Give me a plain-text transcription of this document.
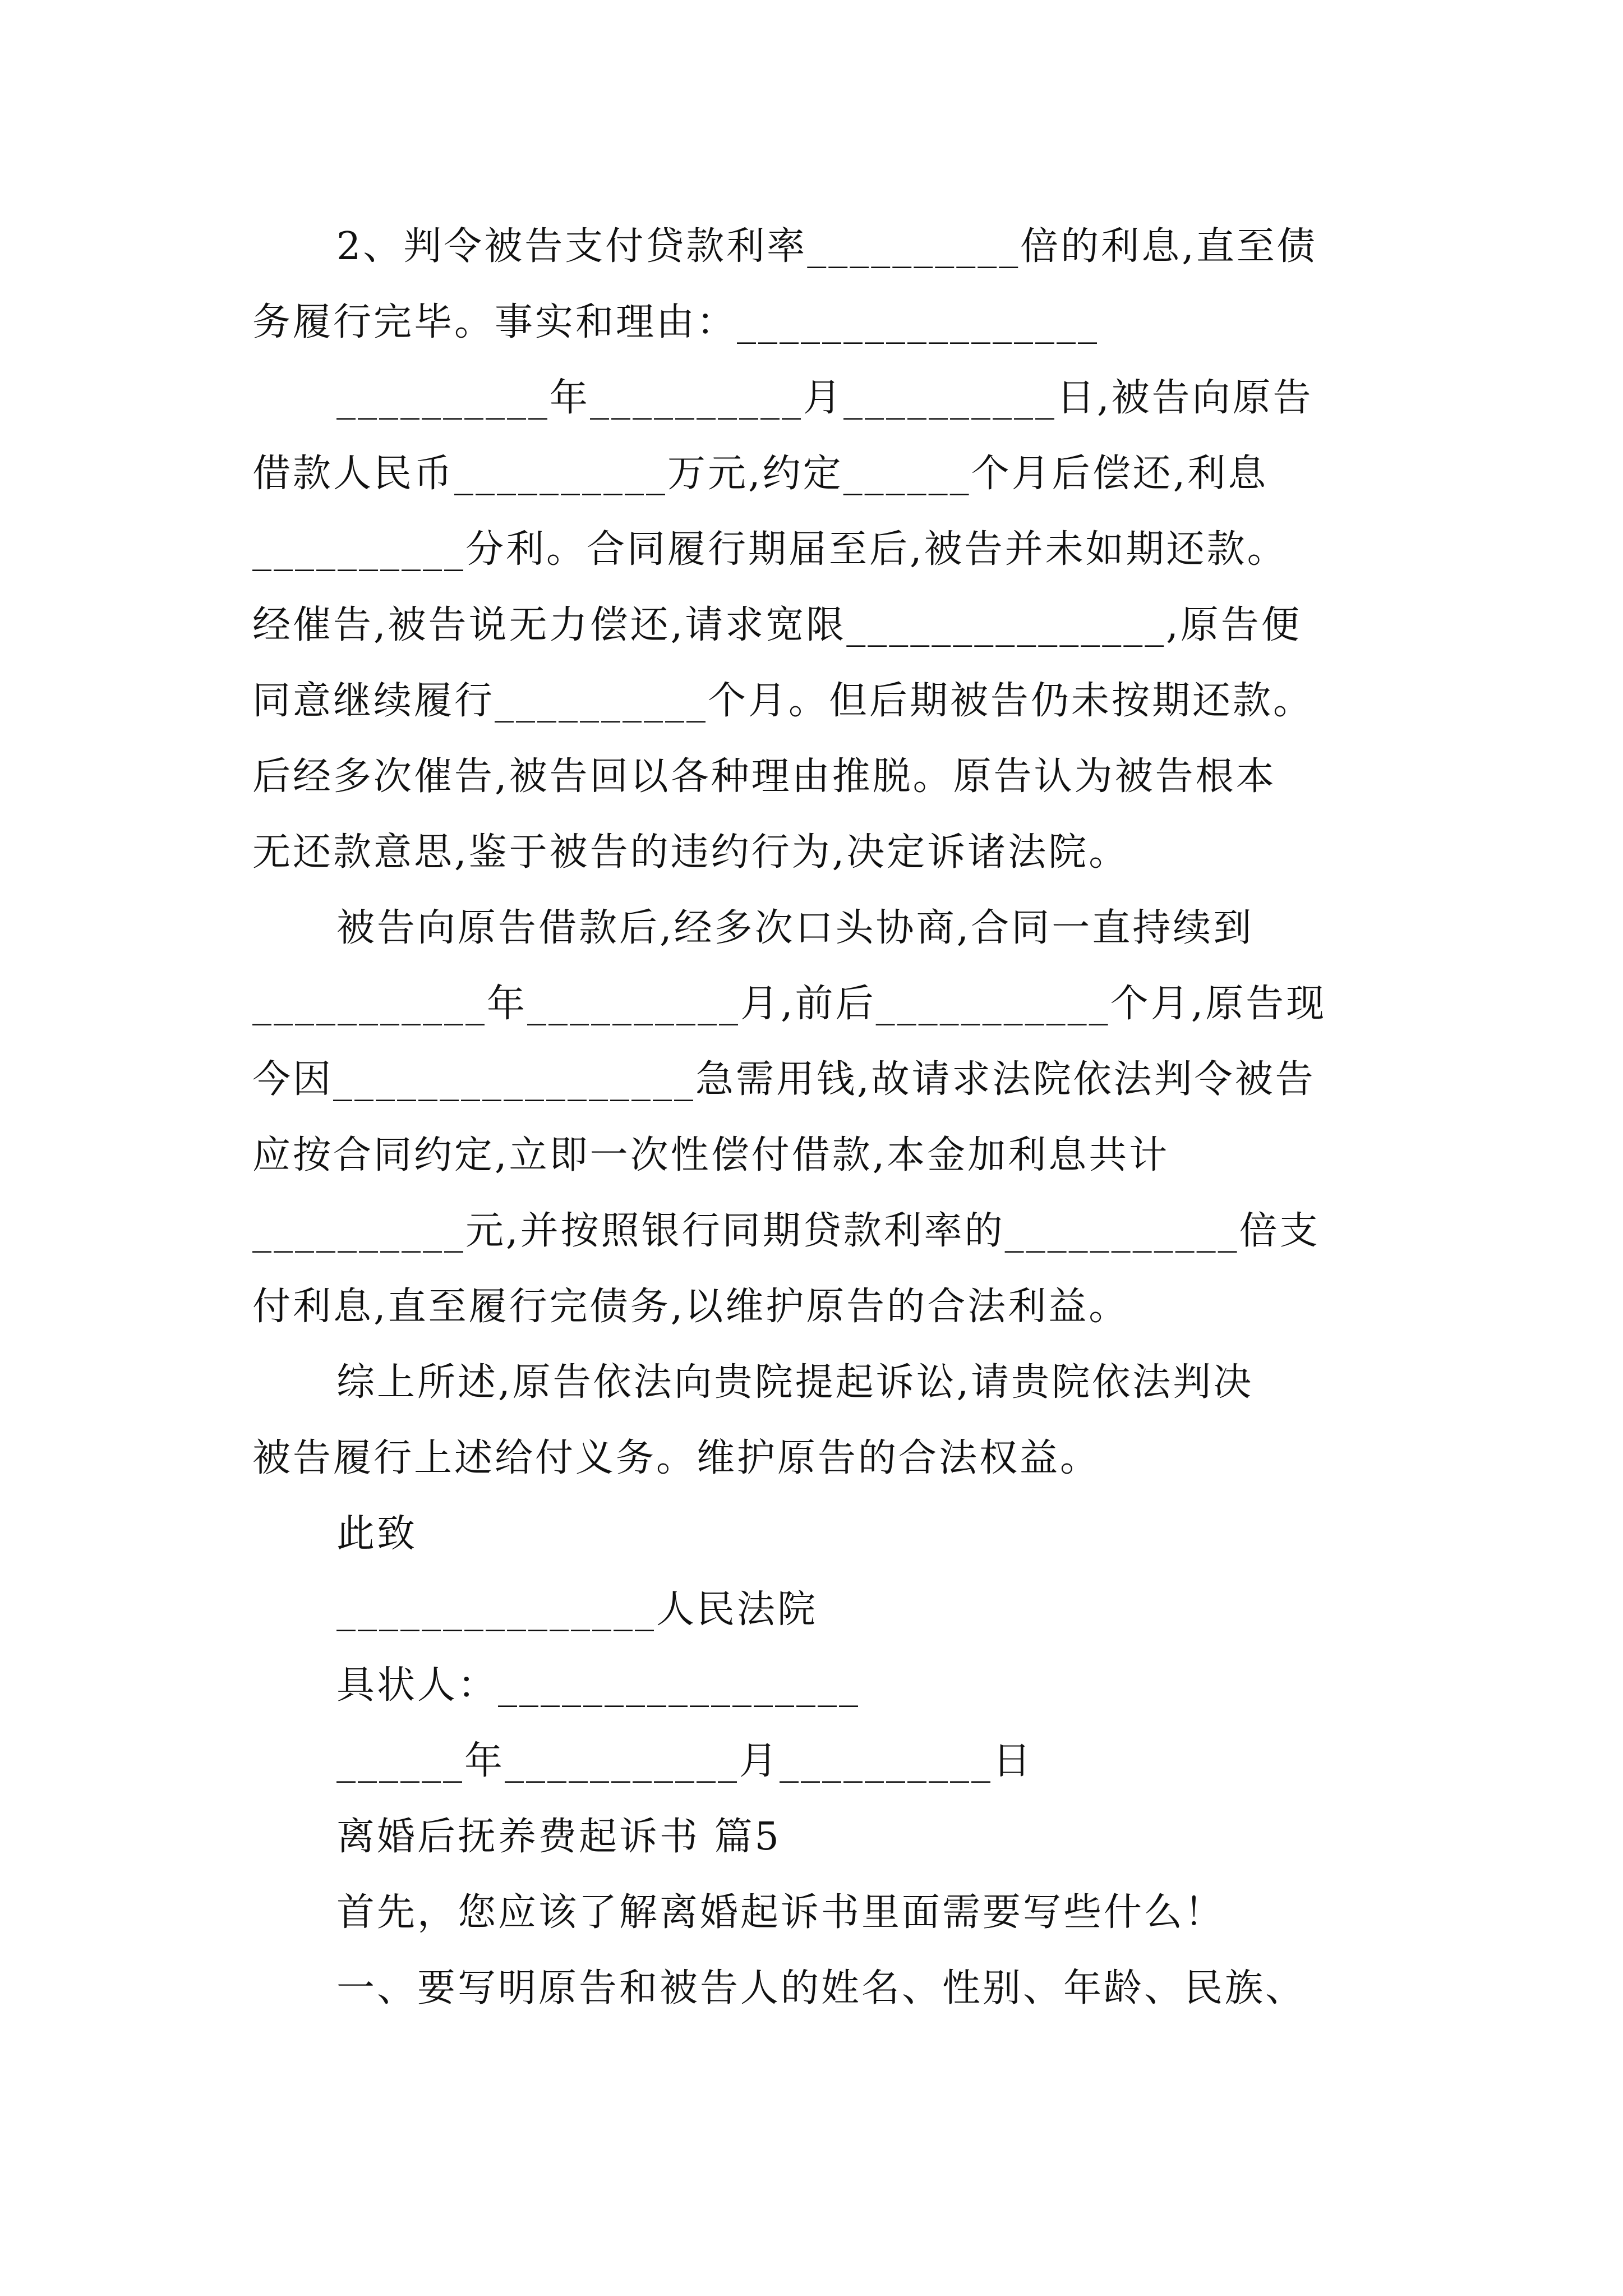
2、判令被告支付贷款利率__________倍的利息,直至债
务履行完毕。事实和理由：_________________
__________年__________月__________日,被告向原告
借款人民币__________万元,约定______个月后偿还,利息
__________分利。合同履行期届至后,被告并未如期还款。
经催告,被告说无力偿还,请求宽限_______________,原告便
同意继续履行__________个月。但后期被告仍未按期还款。
后经多次催告,被告回以各种理由推脱。原告认为被告根本
无还款意思,鉴于被告的违约行为,决定诉诸法院。
被告向原告借款后,经多次口头协商,合同一直持续到
___________年__________月,前后___________个月,原告现
今因_________________急需用钱,故请求法院依法判令被告
应按合同约定,立即一次性偿付借款,本金加利息共计
__________元,并按照银行同期贷款利率的___________倍支
付利息,直至履行完债务,以维护原告的合法利益。
综上所述,原告依法向贵院提起诉讼,请贵院依法判决
被告履行上述给付义务。维护原告的合法权益。
此致
_______________人民法院
具状人：_________________
______年___________月__________日
离婚后抚养费起诉书 篇5
首先，您应该了解离婚起诉书里面需要写些什么！
一、要写明原告和被告人的姓名、性别、年龄、民族、
